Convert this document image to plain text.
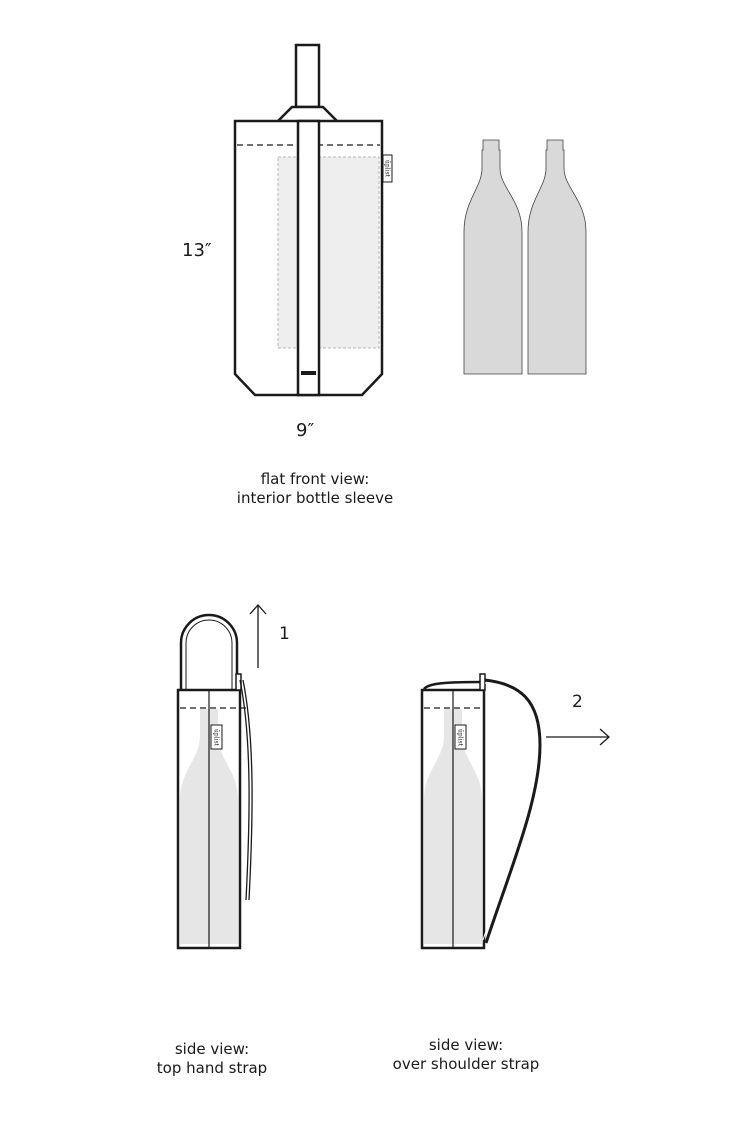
ūplist
ūplist	ūplist
13″
9″
flat front view:
interior bottle sleeve
1
2
side view:
top hand strap
side view:
over shoulder strap
